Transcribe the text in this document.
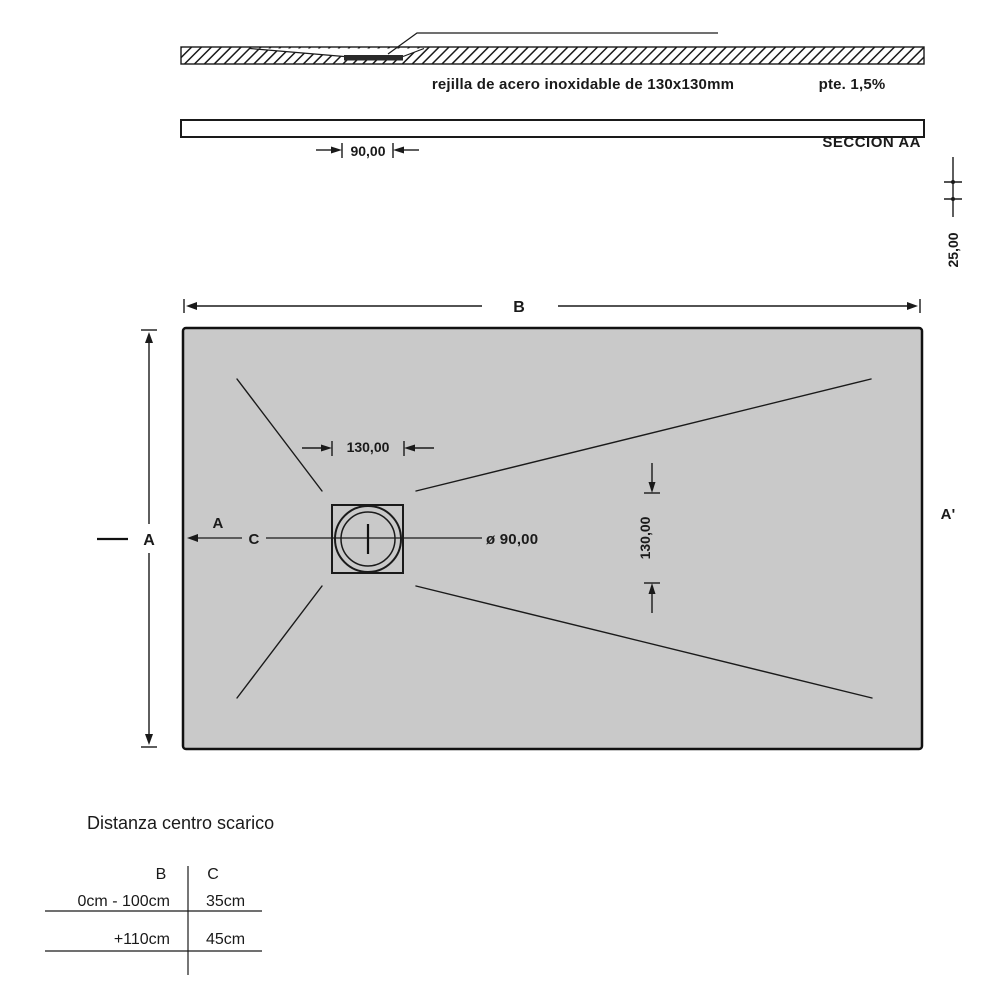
rejilla de acero inoxidable de 130x130mm	pte. 1,5%
90,00	SECCION AA
25,00
B
A
130,00
C
A
ø 90,00	130,00
A'
Distanza centro scarico
B	C
0cm - 100cm 35cm
+110cm 45cm
